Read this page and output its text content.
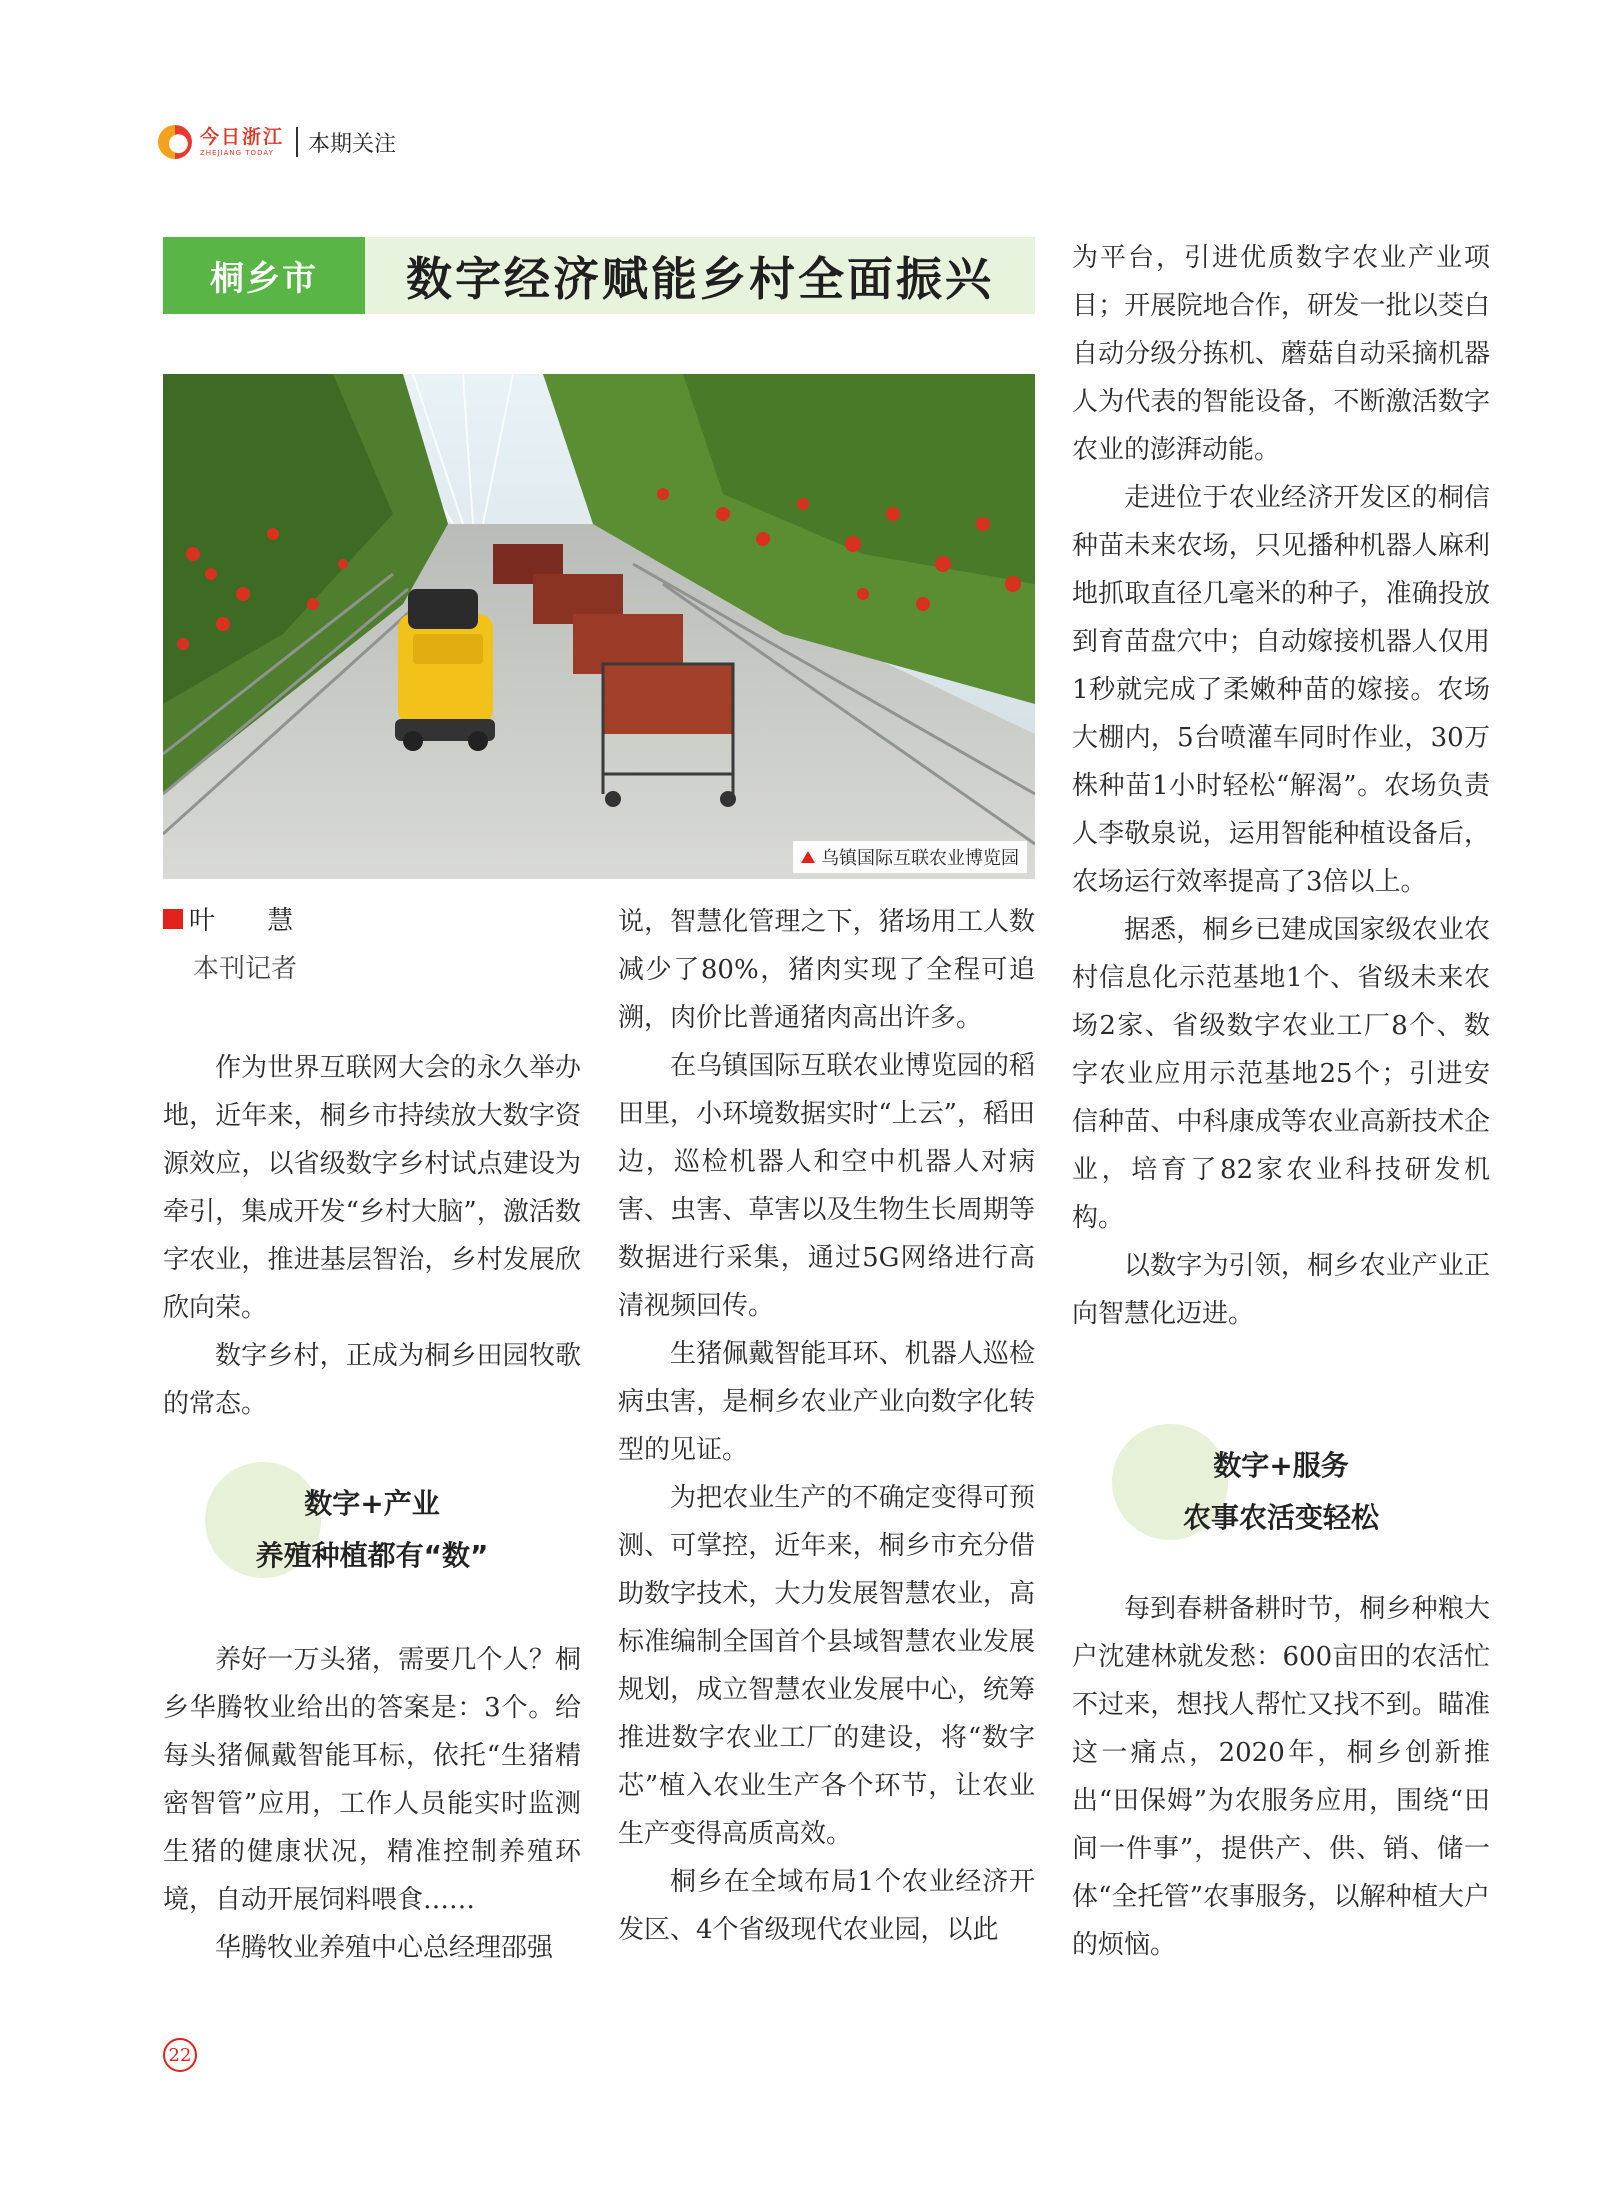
今日浙江
ZHEJIANG TODAY	本期关注
桐乡市	数字经济赋能乡村全面振兴
乌镇国际互联农业博览园
叶 慧
本刊记者

作为世界互联网大会的永久举办地，近年来，桐乡市持续放大数字资源效应，以省级数字乡村试点建设为牵引，集成开发“乡村大脑”，激活数字农业，推进基层智治，乡村发展欣欣向荣。

数字乡村，正成为桐乡田园牧歌的常态。

数字+产业
养殖种植都有“数”

养好一万头猪，需要几个人？桐乡华腾牧业给出的答案是：3个。给每头猪佩戴智能耳标，依托“生猪精密智管”应用，工作人员能实时监测生猪的健康状况，精准控制养殖环境，自动开展饲料喂食……

华腾牧业养殖中心总经理邵强

说，智慧化管理之下，猪场用工人数减少了80%，猪肉实现了全程可追溯，肉价比普通猪肉高出许多。

在乌镇国际互联农业博览园的稻田里，小环境数据实时“上云”，稻田边，巡检机器人和空中机器人对病害、虫害、草害以及生物生长周期等数据进行采集，通过5G网络进行高清视频回传。

生猪佩戴智能耳环、机器人巡检病虫害，是桐乡农业产业向数字化转型的见证。

为把农业生产的不确定变得可预测、可掌控，近年来，桐乡市充分借助数字技术，大力发展智慧农业，高标准编制全国首个县域智慧农业发展规划，成立智慧农业发展中心，统筹推进数字农业工厂的建设，将“数字芯”植入农业生产各个环节，让农业生产变得高质高效。

桐乡在全域布局1个农业经济开发区、4个省级现代农业园，以此

为平台，引进优质数字农业产业项目；开展院地合作，研发一批以茭白自动分级分拣机、蘑菇自动采摘机器人为代表的智能设备，不断激活数字农业的澎湃动能。

走进位于农业经济开发区的桐信种苗未来农场，只见播种机器人麻利地抓取直径几毫米的种子，准确投放到育苗盘穴中；自动嫁接机器人仅用1秒就完成了柔嫩种苗的嫁接。农场大棚内，5台喷灌车同时作业，30万株种苗1小时轻松“解渴”。农场负责人李敬泉说，运用智能种植设备后，农场运行效率提高了3倍以上。

据悉，桐乡已建成国家级农业农村信息化示范基地1个、省级未来农场2家、省级数字农业工厂8个、数字农业应用示范基地25个；引进安信种苗、中科康成等农业高新技术企业，培育了82家农业科技研发机构。

以数字为引领，桐乡农业产业正向智慧化迈进。

数字+服务
农事农活变轻松

每到春耕备耕时节，桐乡种粮大户沈建林就发愁：600亩田的农活忙不过来，想找人帮忙又找不到。瞄准这一痛点，2020年，桐乡创新推出“田保姆”为农服务应用，围绕“田间一件事”，提供产、供、销、储一体“全托管”农事服务，以解种植大户的烦恼。

22
